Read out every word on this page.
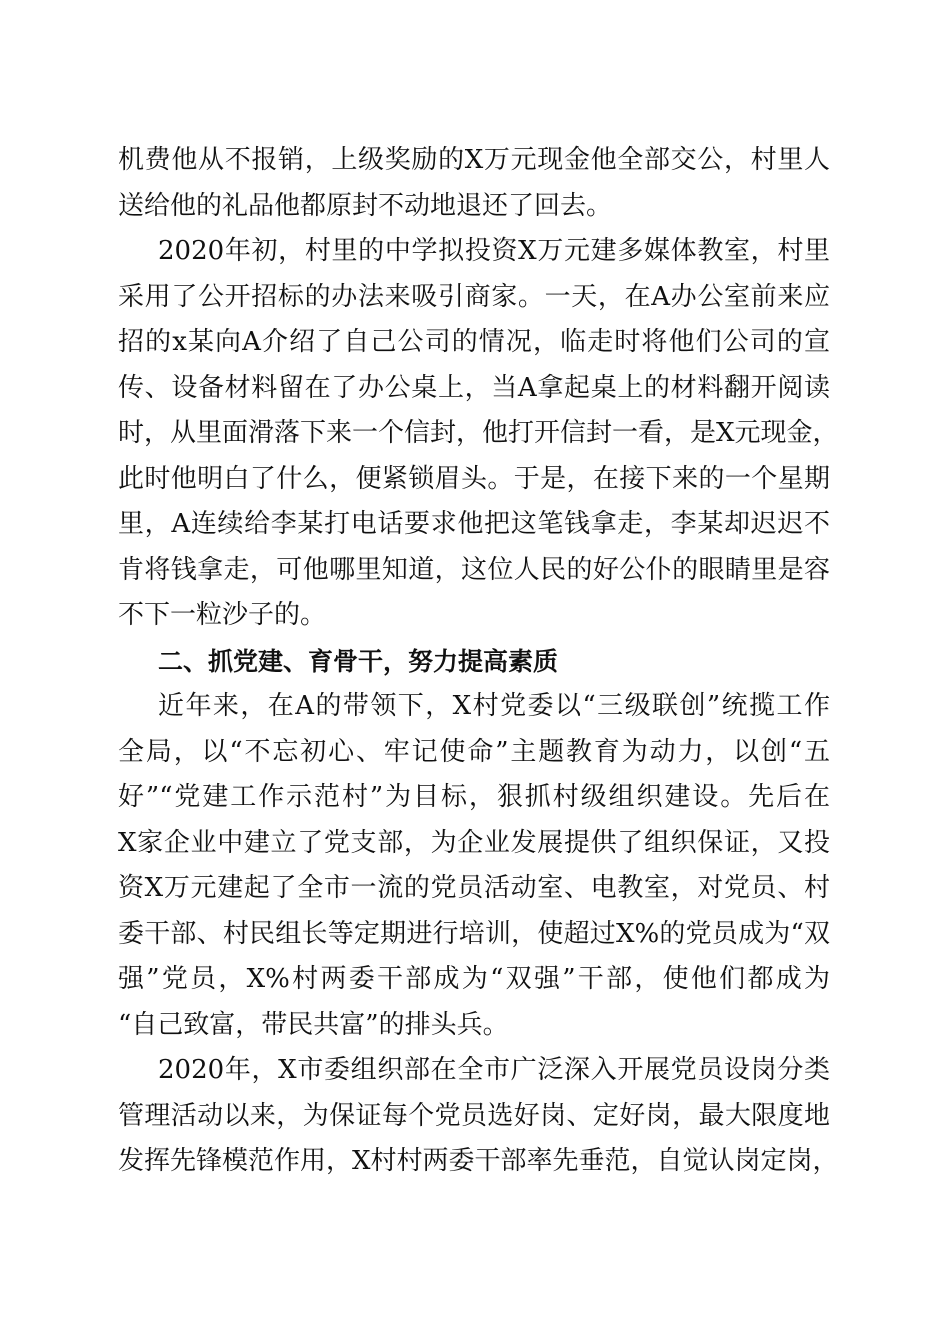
机费他从不报销，上级奖励的X万元现金他全部交公，村里人
送给他的礼品他都原封不动地退还了回去。
2020年初，村里的中学拟投资X万元建多媒体教室，村里
采用了公开招标的办法来吸引商家。一天，在A办公室前来应
招的x某向A介绍了自己公司的情况，临走时将他们公司的宣
传、设备材料留在了办公桌上，当A拿起桌上的材料翻开阅读
时，从里面滑落下来一个信封，他打开信封一看，是X元现金，
此时他明白了什么，便紧锁眉头。于是，在接下来的一个星期
里，A连续给李某打电话要求他把这笔钱拿走，李某却迟迟不
肯将钱拿走，可他哪里知道，这位人民的好公仆的眼睛里是容
不下一粒沙子的。
二、抓党建、育骨干，努力提高素质
近年来，在A的带领下，X村党委以“三级联创”统揽工作
全局，以“不忘初心、牢记使命”主题教育为动力，以创“五
好”“党建工作示范村”为目标，狠抓村级组织建设。先后在
X家企业中建立了党支部，为企业发展提供了组织保证，又投
资X万元建起了全市一流的党员活动室、电教室，对党员、村
委干部、村民组长等定期进行培训，使超过X%的党员成为“双
强”党员，X%村两委干部成为“双强”干部，使他们都成为
“自己致富，带民共富”的排头兵。
2020年，X市委组织部在全市广泛深入开展党员设岗分类
管理活动以来，为保证每个党员选好岗、定好岗，最大限度地
发挥先锋模范作用，X村村两委干部率先垂范，自觉认岗定岗，
